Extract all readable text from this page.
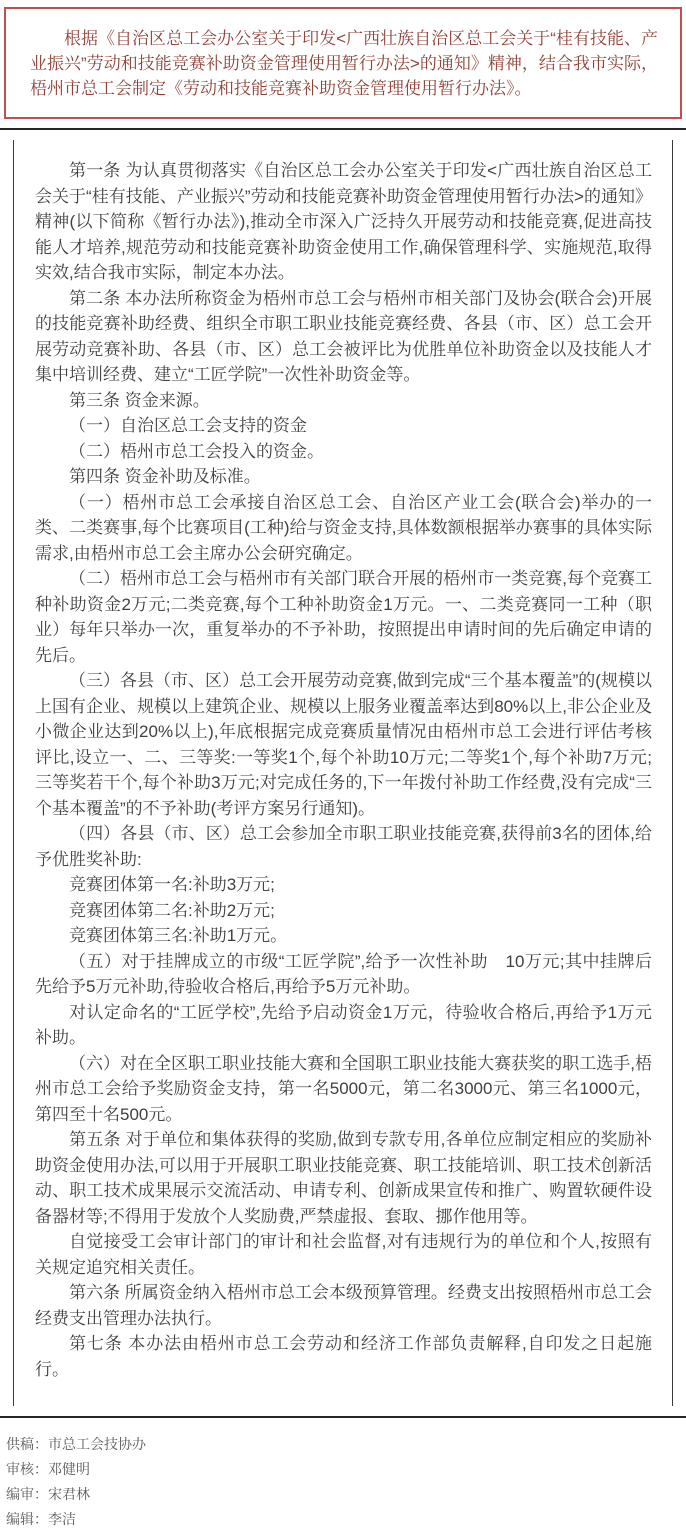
根据《自治区总工会办公室关于印发<广西壮族自治区总工会关于“桂有技能、产业振兴”劳动和技能竞赛补助资金管理使用暂行办法>的通知》精神，结合我市实际，梧州市总工会制定《劳动和技能竞赛补助资金管理使用暂行办法》。

第一条 为认真贯彻落实《自治区总工会办公室关于印发<广西壮族自治区总工会关于“桂有技能、产业振兴”劳动和技能竞赛补助资金管理使用暂行办法>的通知》精神(以下简称《暂行办法》),推动全市深入广泛持久开展劳动和技能竞赛,促进高技能人才培养,规范劳动和技能竞赛补助资金使用工作,确保管理科学、实施规范,取得实效,结合我市实际，制定本办法。

第二条 本办法所称资金为梧州市总工会与梧州市相关部门及协会(联合会)开展的技能竞赛补助经费、组织全市职工职业技能竞赛经费、各县（市、区）总工会开展劳动竞赛补助、各县（市、区）总工会被评比为优胜单位补助资金以及技能人才集中培训经费、建立“工匠学院”一次性补助资金等。

第三条 资金来源。

（一）自治区总工会支持的资金

（二）梧州市总工会投入的资金。

第四条 资金补助及标准。

（一）梧州市总工会承接自治区总工会、自治区产业工会(联合会)举办的一类、二类赛事,每个比赛项目(工种)给与资金支持,具体数额根据举办赛事的具体实际需求,由梧州市总工会主席办公会研究确定。

（二）梧州市总工会与梧州市有关部门联合开展的梧州市一类竞赛,每个竞赛工种补助资金2万元;二类竞赛,每个工种补助资金1万元。一、二类竞赛同一工种（职业）每年只举办一次，重复举办的不予补助，按照提出申请时间的先后确定申请的先后。

（三）各县（市、区）总工会开展劳动竞赛,做到完成“三个基本覆盖”的(规模以上国有企业、规模以上建筑企业、规模以上服务业覆盖率达到80%以上,非公企业及小微企业达到20%以上),年底根据完成竞赛质量情况由梧州市总工会进行评估考核评比,设立一、二、三等奖:一等奖1个,每个补助10万元;二等奖1个,每个补助7万元;三等奖若干个,每个补助3万元;对完成任务的,下一年拨付补助工作经费,没有完成“三个基本覆盖”的不予补助(考评方案另行通知)。

（四）各县（市、区）总工会参加全市职工职业技能竞赛,获得前3名的团体,给予优胜奖补助:

竞赛团体第一名:补助3万元;

竞赛团体第二名:补助2万元;

竞赛团体第三名:补助1万元。

（五）对于挂牌成立的市级“工匠学院”,给予一次性补助　10万元;其中挂牌后先给予5万元补助,待验收合格后,再给予5万元补助。

对认定命名的“工匠学校”,先给予启动资金1万元，待验收合格后,再给予1万元补助。

（六）对在全区职工职业技能大赛和全国职工职业技能大赛获奖的职工选手,梧州市总工会给予奖励资金支持，第一名5000元，第二名3000元、第三名1000元，第四至十名500元。

第五条 对于单位和集体获得的奖励,做到专款专用,各单位应制定相应的奖励补助资金使用办法,可以用于开展职工职业技能竞赛、职工技能培训、职工技术创新活动、职工技术成果展示交流活动、申请专利、创新成果宣传和推广、购置软硬件设备器材等;不得用于发放个人奖励费,严禁虚报、套取、挪作他用等。

自觉接受工会审计部门的审计和社会监督,对有违规行为的单位和个人,按照有关规定追究相关责任。

第六条 所属资金纳入梧州市总工会本级预算管理。经费支出按照梧州市总工会经费支出管理办法执行。

第七条 本办法由梧州市总工会劳动和经济工作部负责解释,自印发之日起施行。

供稿：市总工会技协办
审核：邓健明
编审：宋君林
编辑：李洁
